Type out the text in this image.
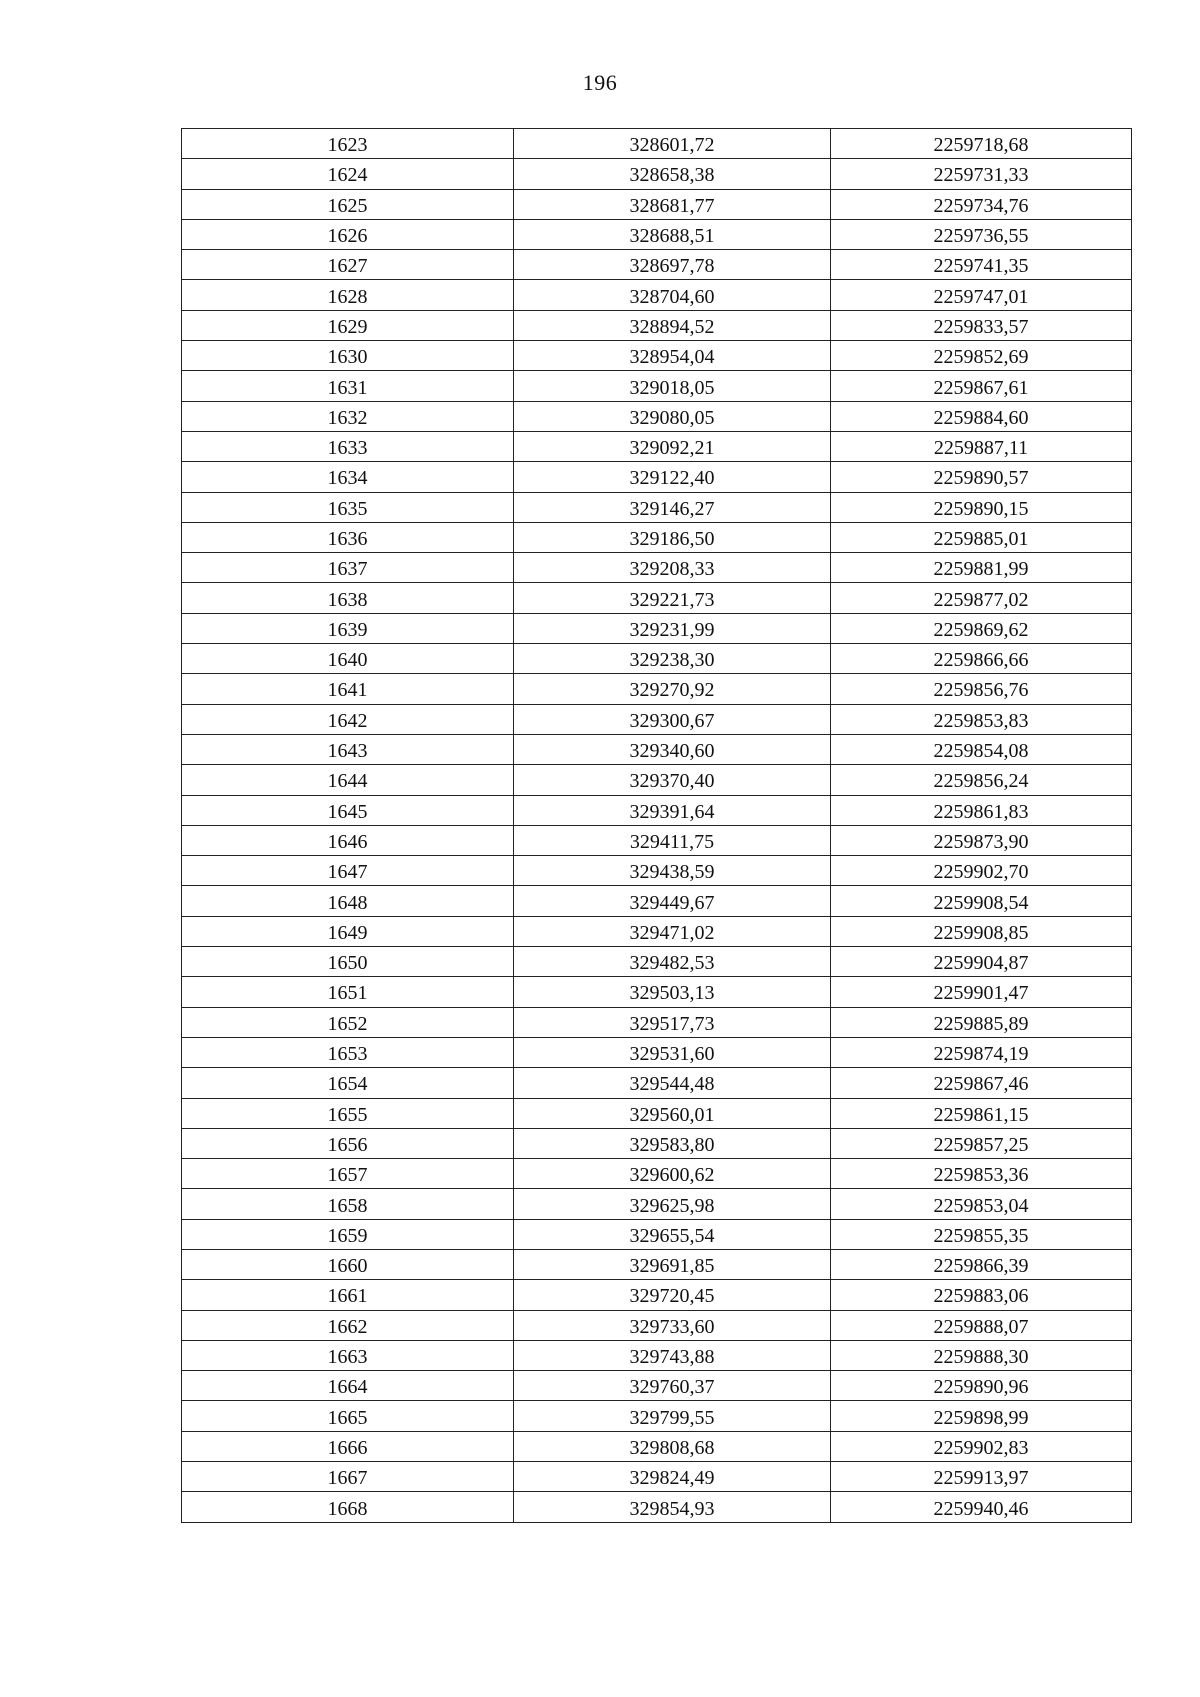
196
1623	328601,72	2259718,68
1624	328658,38	2259731,33
1625	328681,77	2259734,76
1626	328688,51	2259736,55
1627	328697,78	2259741,35
1628	328704,60	2259747,01
1629	328894,52	2259833,57
1630	328954,04	2259852,69
1631	329018,05	2259867,61
1632	329080,05	2259884,60
1633	329092,21	2259887,11
1634	329122,40	2259890,57
1635	329146,27	2259890,15
1636	329186,50	2259885,01
1637	329208,33	2259881,99
1638	329221,73	2259877,02
1639	329231,99	2259869,62
1640	329238,30	2259866,66
1641	329270,92	2259856,76
1642	329300,67	2259853,83
1643	329340,60	2259854,08
1644	329370,40	2259856,24
1645	329391,64	2259861,83
1646	329411,75	2259873,90
1647	329438,59	2259902,70
1648	329449,67	2259908,54
1649	329471,02	2259908,85
1650	329482,53	2259904,87
1651	329503,13	2259901,47
1652	329517,73	2259885,89
1653	329531,60	2259874,19
1654	329544,48	2259867,46
1655	329560,01	2259861,15
1656	329583,80	2259857,25
1657	329600,62	2259853,36
1658	329625,98	2259853,04
1659	329655,54	2259855,35
1660	329691,85	2259866,39
1661	329720,45	2259883,06
1662	329733,60	2259888,07
1663	329743,88	2259888,30
1664	329760,37	2259890,96
1665	329799,55	2259898,99
1666	329808,68	2259902,83
1667	329824,49	2259913,97
1668	329854,93	2259940,46
